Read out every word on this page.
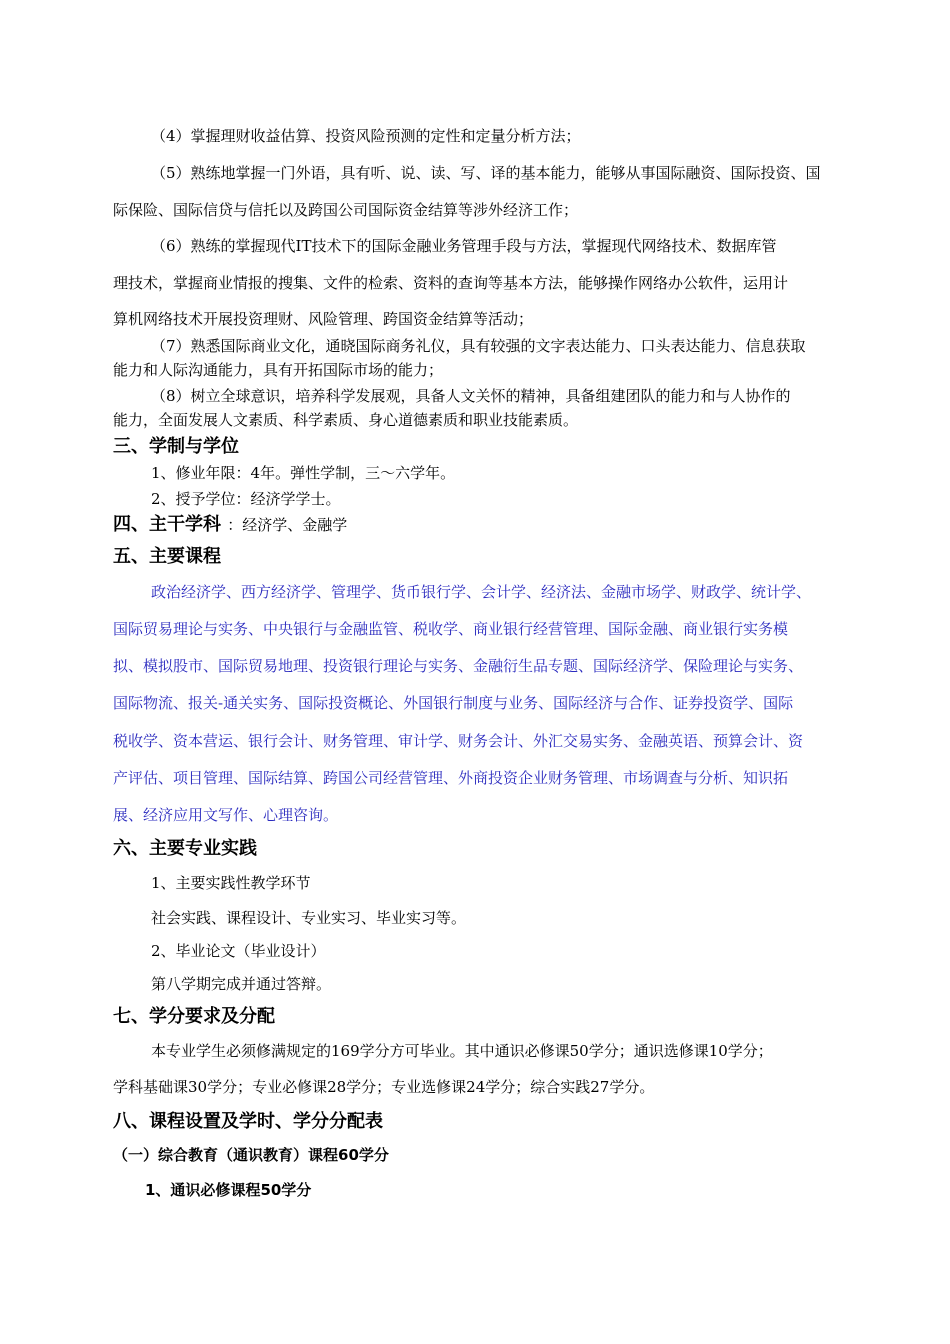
（4）掌握理财收益估算、投资风险预测的定性和定量分析方法；
（5）熟练地掌握一门外语，具有听、说、读、写、译的基本能力，能够从事国际融资、国际投资、国
际保险、国际信贷与信托以及跨国公司国际资金结算等涉外经济工作；
（6）熟练的掌握现代IT技术下的国际金融业务管理手段与方法，掌握现代网络技术、数据库管
理技术，掌握商业情报的搜集、文件的检索、资料的查询等基本方法，能够操作网络办公软件，运用计
算机网络技术开展投资理财、风险管理、跨国资金结算等活动；
（7）熟悉国际商业文化，通晓国际商务礼仪，具有较强的文字表达能力、口头表达能力、信息获取
能力和人际沟通能力，具有开拓国际市场的能力；
（8）树立全球意识，培养科学发展观，具备人文关怀的精神，具备组建团队的能力和与人协作的
能力，全面发展人文素质、科学素质、身心道德素质和职业技能素质。
三、学制与学位
1、修业年限：4年。弹性学制，三～六学年。
2、授予学位：经济学学士。
四、主干学科 ：经济学、金融学
五、主要课程
政治经济学、西方经济学、管理学、货币银行学、会计学、经济法、金融市场学、财政学、统计学、
国际贸易理论与实务、中央银行与金融监管、税收学、商业银行经营管理、国际金融、商业银行实务模
拟、模拟股市、国际贸易地理、投资银行理论与实务、金融衍生品专题、国际经济学、保险理论与实务、
国际物流、报关-通关实务、国际投资概论、外国银行制度与业务、国际经济与合作、证券投资学、国际
税收学、资本营运、银行会计、财务管理、审计学、财务会计、外汇交易实务、金融英语、预算会计、资
产评估、项目管理、国际结算、跨国公司经营管理、外商投资企业财务管理、市场调查与分析、知识拓
展、经济应用文写作、心理咨询。
六、主要专业实践
1、主要实践性教学环节
社会实践、课程设计、专业实习、毕业实习等。
2、毕业论文（毕业设计）
第八学期完成并通过答辩。
七、学分要求及分配
本专业学生必须修满规定的169学分方可毕业。其中通识必修课50学分；通识选修课10学分；
学科基础课30学分；专业必修课28学分；专业选修课24学分；综合实践27学分。
八、课程设置及学时、学分分配表
（一）综合教育（通识教育）课程60学分
1、通识必修课程50学分
